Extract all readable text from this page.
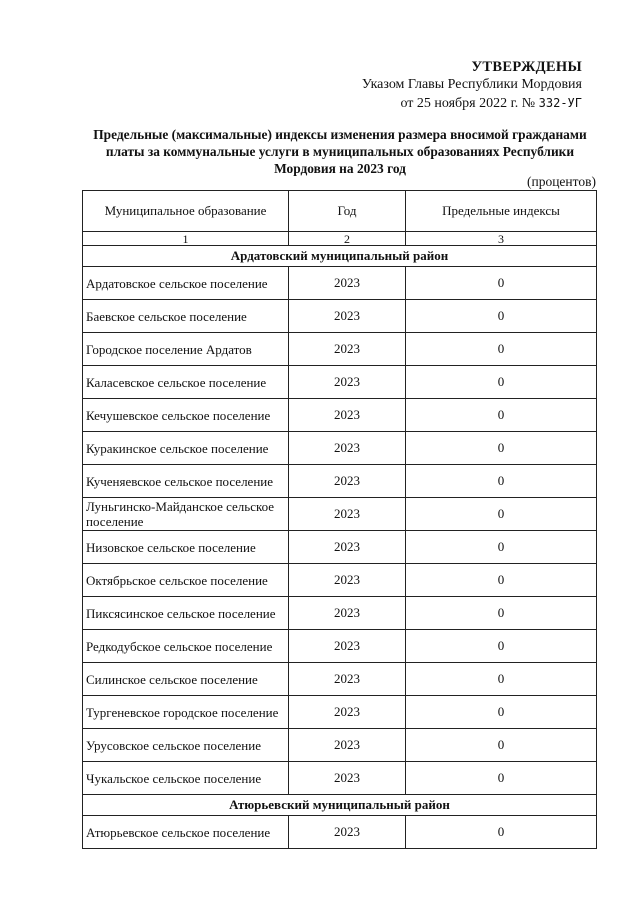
УТВЕРЖДЕНЫ
Указом Главы Республики Мордовия
от 25 ноября 2022 г. № 332-УГ
Предельные (максимальные) индексы изменения размера вносимой гражданами платы за коммунальные услуги в муниципальных образованиях Республики Мордовия на 2023 год
(процентов)
Муниципальное образование	Год	Предельные индексы
1	2	3
Ардатовский муниципальный район		
Ардатовское сельское поселение	2023	0
Баевское сельское поселение	2023	0
Городское поселение Ардатов	2023	0
Каласевское сельское поселение	2023	0
Кечушевское сельское поселение	2023	0
Куракинское сельское поселение	2023	0
Кученяевское сельское поселение	2023	0
Луньгинско-Майданское сельское поселение	2023	0
Низовское сельское поселение	2023	0
Октябрьское сельское поселение	2023	0
Пиксясинское сельское поселение	2023	0
Редкодубское сельское поселение	2023	0
Силинское сельское поселение	2023	0
Тургеневское городское поселение	2023	0
Урусовское сельское поселение	2023	0
Чукальское сельское поселение	2023	0
Атюрьевский муниципальный район		
Атюрьевское сельское поселение	2023	0
